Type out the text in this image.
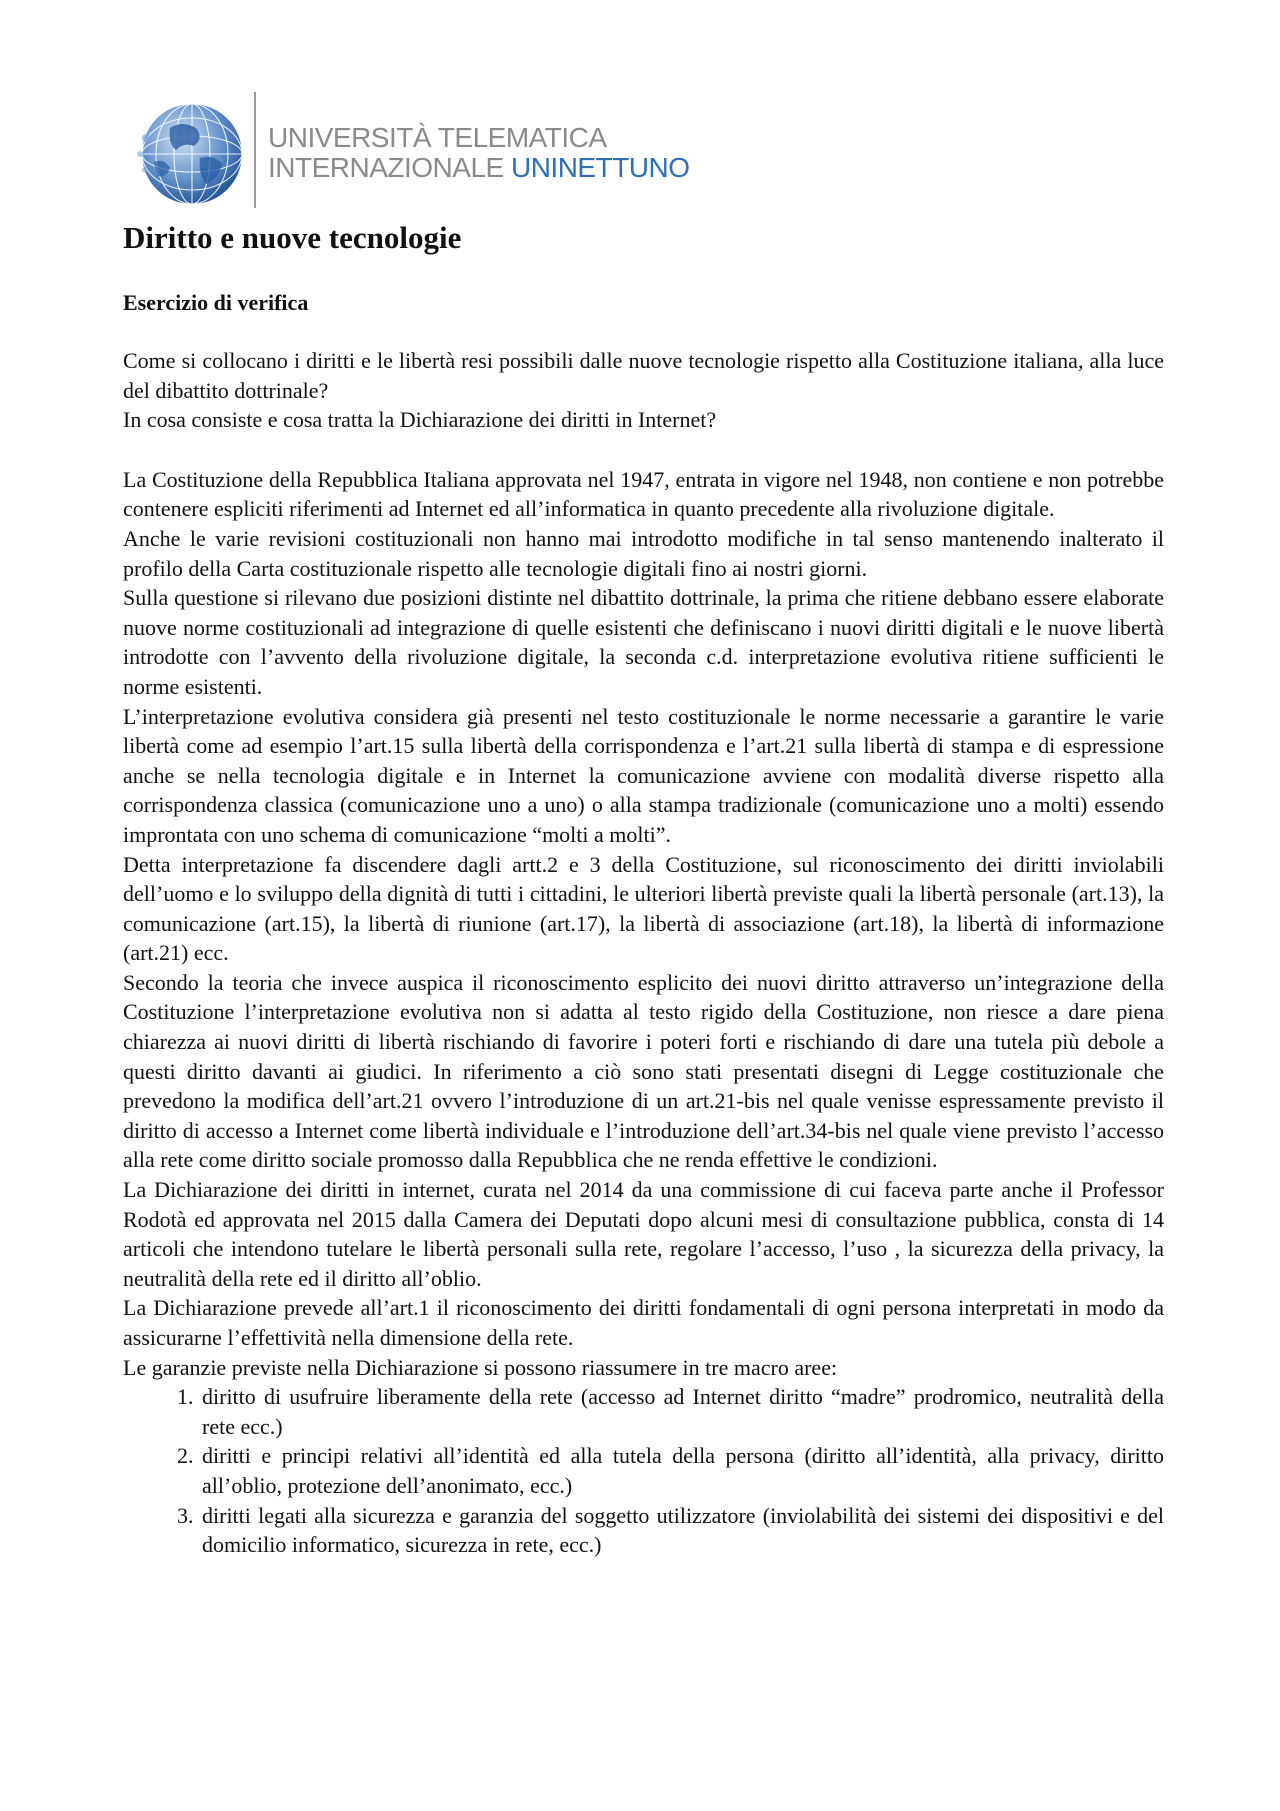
UNIVERSITÀ TELEMATICA
INTERNAZIONALE UNINETTUNO
Diritto e nuove tecnologie
Esercizio di verifica

Come si collocano i diritti e le libertà resi possibili dalle nuove tecnologie rispetto alla Costituzione italiana, alla luce del dibattito dottrinale?

In cosa consiste e cosa tratta la Dichiarazione dei diritti in Internet?

La Costituzione della Repubblica Italiana approvata nel 1947, entrata in vigore nel 1948, non contiene e non potrebbe contenere espliciti riferimenti ad Internet ed all’informatica in quanto precedente alla rivoluzione digitale.

Anche le varie revisioni costituzionali non hanno mai introdotto modifiche in tal senso mantenendo inalterato il profilo della Carta costituzionale rispetto alle tecnologie digitali fino ai nostri giorni.

Sulla questione si rilevano due posizioni distinte nel dibattito dottrinale, la prima che ritiene debbano essere elaborate nuove norme costituzionali ad integrazione di quelle esistenti che definiscano i nuovi diritti digitali e le nuove libertà introdotte con l’avvento della rivoluzione digitale, la seconda c.d. interpretazione evolutiva ritiene sufficienti le norme esistenti.

L’interpretazione evolutiva considera già presenti nel testo costituzionale le norme necessarie a garantire le varie libertà come ad esempio l’art.15 sulla libertà della corrispondenza e l’art.21 sulla libertà di stampa e di espressione anche se nella tecnologia digitale e in Internet la comunicazione avviene con modalità diverse rispetto alla corrispondenza classica (comunicazione uno a uno) o alla stampa tradizionale (comunicazione uno a molti) essendo improntata con uno schema di comunicazione “molti a molti”.

Detta interpretazione fa discendere dagli artt.2 e 3 della Costituzione, sul riconoscimento dei diritti inviolabili dell’uomo e lo sviluppo della dignità di tutti i cittadini, le ulteriori libertà previste quali la libertà personale (art.13), la comunicazione (art.15), la libertà di riunione (art.17), la libertà di associazione (art.18), la libertà di informazione (art.21) ecc.

Secondo la teoria che invece auspica il riconoscimento esplicito dei nuovi diritto attraverso un’integrazione della Costituzione l’interpretazione evolutiva non si adatta al testo rigido della Costituzione, non riesce a dare piena chiarezza ai nuovi diritti di libertà rischiando di favorire i poteri forti e rischiando di dare una tutela più debole a questi diritto davanti ai giudici. In riferimento a ciò sono stati presentati disegni di Legge costituzionale che prevedono la modifica dell’art.21 ovvero l’introduzione di un art.21-bis nel quale venisse espressamente previsto il diritto di accesso a Internet come libertà individuale e l’introduzione dell’art.34-bis nel quale viene previsto l’accesso alla rete come diritto sociale promosso dalla Repubblica che ne renda effettive le condizioni.

La Dichiarazione dei diritti in internet, curata nel 2014 da una commissione di cui faceva parte anche il Professor Rodotà ed approvata nel 2015 dalla Camera dei Deputati dopo alcuni mesi di consultazione pubblica, consta di 14 articoli che intendono tutelare le libertà personali sulla rete, regolare l’accesso, l’uso , la sicurezza della privacy, la neutralità della rete ed il diritto all’oblio.

La Dichiarazione prevede all’art.1 il riconoscimento dei diritti fondamentali di ogni persona interpretati in modo da assicurarne l’effettività nella dimensione della rete.

Le garanzie previste nella Dichiarazione si possono riassumere in tre macro aree:

1. diritto di usufruire liberamente della rete (accesso ad Internet diritto “madre” prodromico, neutralità della rete ecc.)
2. diritti e principi relativi all’identità ed alla tutela della persona (diritto all’identità, alla privacy, diritto all’oblio, protezione dell’anonimato, ecc.)
3. diritti legati alla sicurezza e garanzia del soggetto utilizzatore (inviolabilità dei sistemi dei dispositivi e del domicilio informatico, sicurezza in rete, ecc.)
